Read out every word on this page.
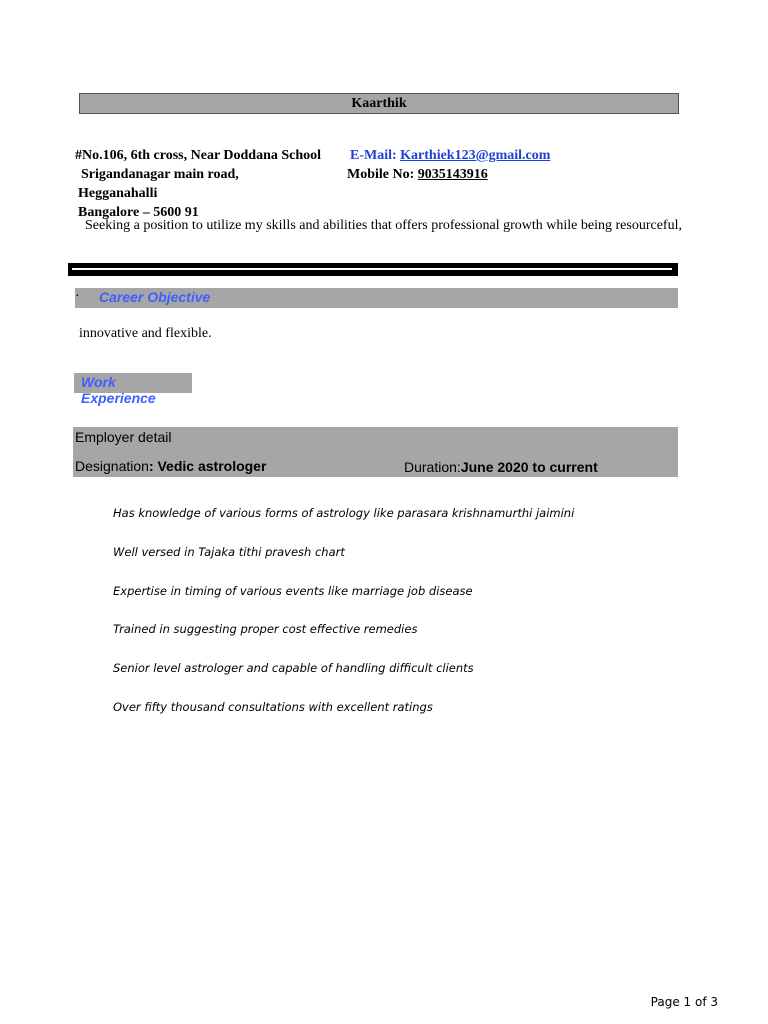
Kaarthik
#No.106, 6th cross, Near Doddana School
Srigandanagar main road,
Hegganahalli
Bangalore – 5600 91
E-Mail: Karthiek123@gmail.com
Mobile No: 9035143916
Seeking a position to utilize my skills and abilities that offers professional growth while being resourceful,
· Career Objective
innovative and flexible.
Work Experience
Employer detail
Designation: Vedic astrologer	Duration:June 2020 to current
Has knowledge of various forms of astrology like parasara krishnamurthi jaimini
Well versed in Tajaka tithi pravesh chart
Expertise in timing of various events like marriage job disease
Trained in suggesting proper cost effective remedies
Senior level astrologer and capable of handling difficult clients
Over fifty thousand consultations with excellent ratings
Page 1 of 3
